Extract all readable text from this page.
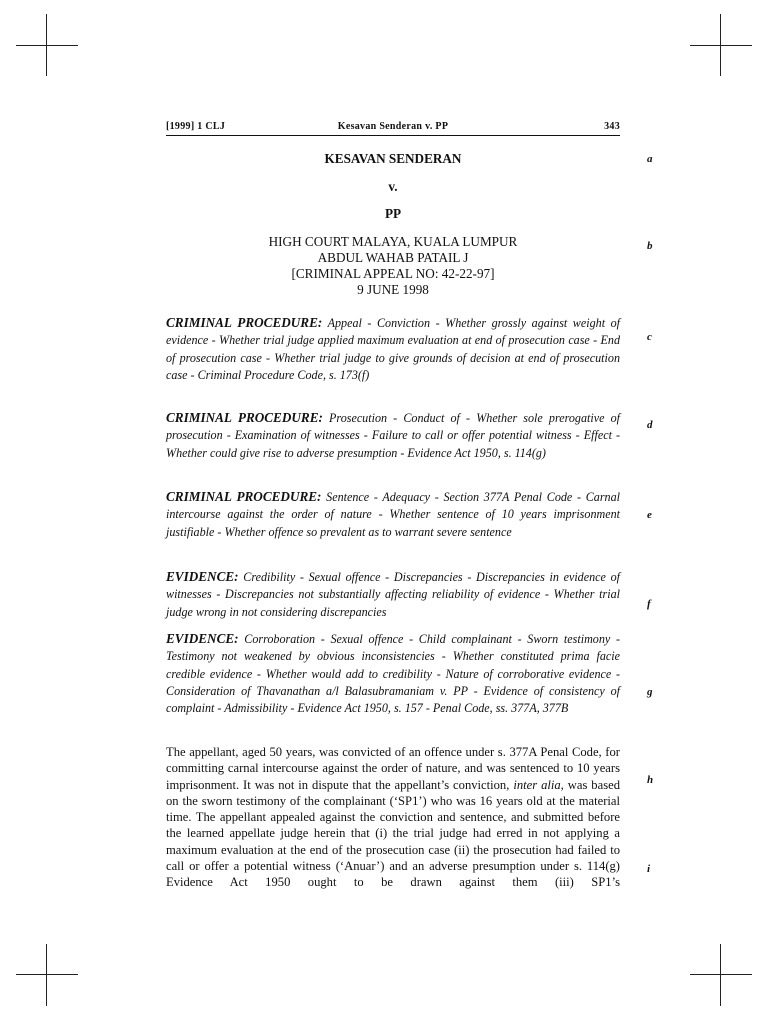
[1999] 1 CLJ	Kesavan Senderan v. PP	343
a
b
c
d
e
f
g
h
i
KESAVAN SENDERAN
v.
PP
HIGH COURT MALAYA, KUALA LUMPUR
ABDUL WAHAB PATAIL J
[CRIMINAL APPEAL NO: 42-22-97]
9 JUNE 1998
CRIMINAL PROCEDURE: Appeal - Conviction - Whether grossly against weight of evidence - Whether trial judge applied maximum evaluation at end of prosecution case - End of prosecution case - Whether trial judge to give grounds of decision at end of prosecution case - Criminal Procedure Code, s. 173(f)
CRIMINAL PROCEDURE: Prosecution - Conduct of - Whether sole prerogative of prosecution - Examination of witnesses - Failure to call or offer potential witness - Effect - Whether could give rise to adverse presumption - Evidence Act 1950, s. 114(g)
CRIMINAL PROCEDURE: Sentence - Adequacy - Section 377A Penal Code - Carnal intercourse against the order of nature - Whether sentence of 10 years imprisonment justifiable - Whether offence so prevalent as to warrant severe sentence
EVIDENCE: Credibility - Sexual offence - Discrepancies - Discrepancies in evidence of witnesses - Discrepancies not substantially affecting reliability of evidence - Whether trial judge wrong in not considering discrepancies
EVIDENCE: Corroboration - Sexual offence - Child complainant - Sworn testimony - Testimony not weakened by obvious inconsistencies - Whether constituted prima facie credible evidence - Whether would add to credibility - Nature of corroborative evidence - Consideration of Thavanathan a/l Balasubramaniam v. PP - Evidence of consistency of complaint - Admissibility - Evidence Act 1950, s. 157 - Penal Code, ss. 377A, 377B
The appellant, aged 50 years, was convicted of an offence under s. 377A Penal Code, for committing carnal intercourse against the order of nature, and was sentenced to 10 years imprisonment. It was not in dispute that the appellant’s conviction, inter alia, was based on the sworn testimony of the complainant (‘SP1’) who was 16 years old at the material time. The appellant appealed against the conviction and sentence, and submitted before the learned appellate judge herein that (i) the trial judge had erred in not applying a maximum evaluation at the end of the prosecution case (ii) the prosecution had failed to call or offer a potential witness (‘Anuar’) and an adverse presumption under s. 114(g) Evidence Act 1950 ought to be drawn against them (iii) SP1’s
